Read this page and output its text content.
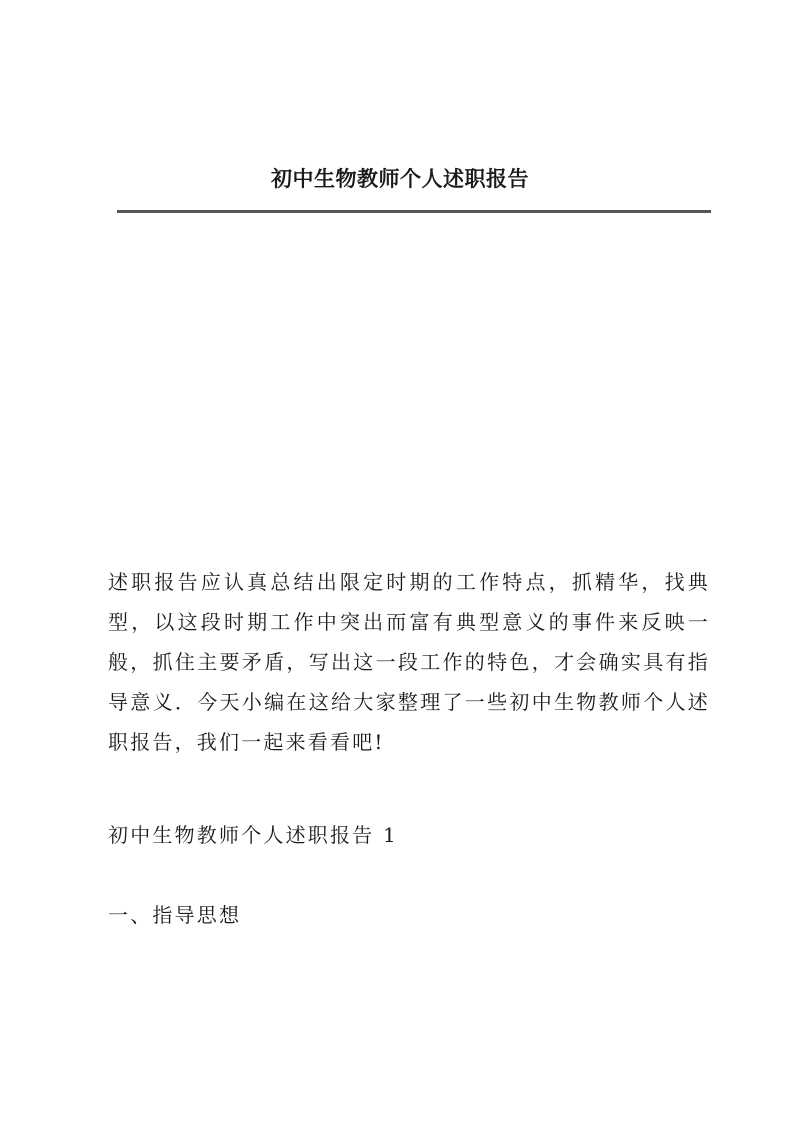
初中生物教师个人述职报告

述职报告应认真总结出限定时期的工作特点，抓精华，找典型，以这段时期工作中突出而富有典型意义的事件来反映一般，抓住主要矛盾，写出这一段工作的特色，才会确实具有指导意义．今天小编在这给大家整理了一些初中生物教师个人述职报告，我们一起来看看吧!

初中生物教师个人述职报告 1
一、指导思想
